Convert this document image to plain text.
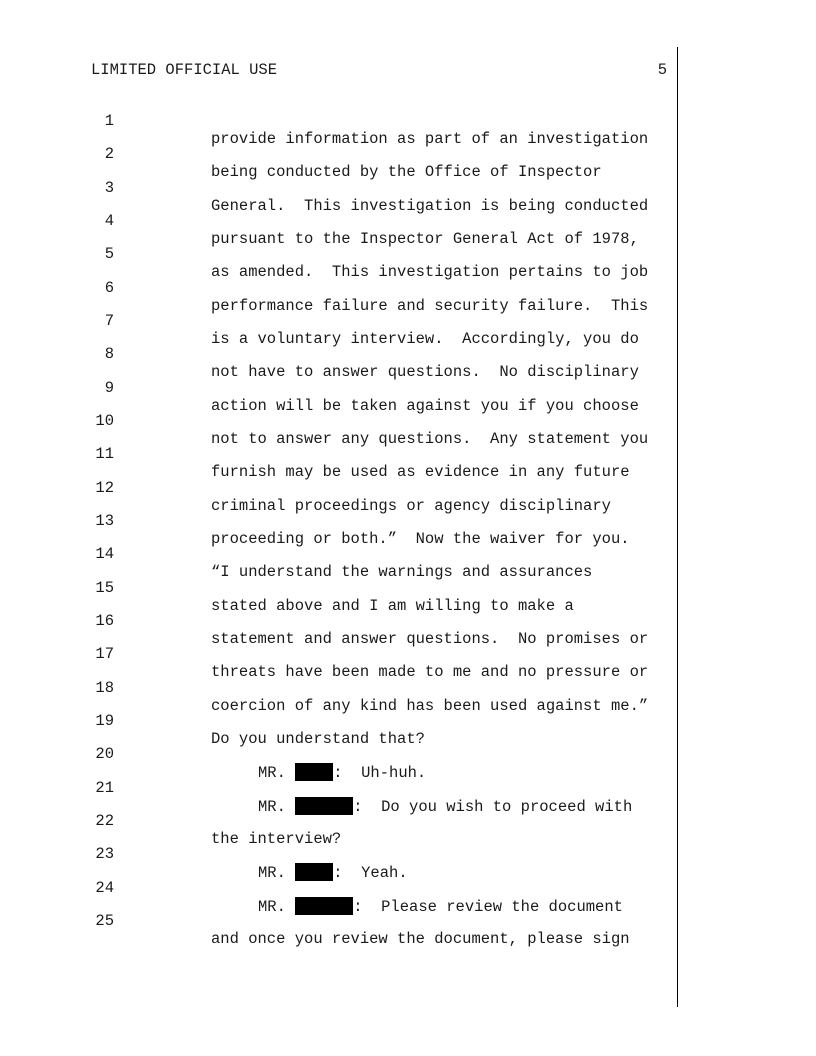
LIMITED OFFICIAL USE	5

1

provide information as part of an investigation

2

being conducted by the Office of Inspector

3

General.  This investigation is being conducted

4

pursuant to the Inspector General Act of 1978,

5

as amended.  This investigation pertains to job

6

performance failure and security failure.  This

7

is a voluntary interview.  Accordingly, you do

8

not have to answer questions.  No disciplinary

9

action will be taken against you if you choose

10

not to answer any questions.  Any statement you

11

furnish may be used as evidence in any future

12

criminal proceedings or agency disciplinary

13

proceeding or both.”  Now the waiver for you.

14

“I understand the warnings and assurances

15

stated above and I am willing to make a

16

statement and answer questions.  No promises or

17

threats have been made to me and no pressure or

18

coercion of any kind has been used against me.”

19

Do you understand that?

20

MR.	:  Uh-huh.

21

MR.	:  Do you wish to proceed with

22

the interview?

23

MR.	:  Yeah.

24

MR.	:  Please review the document

25

and once you review the document, please sign
